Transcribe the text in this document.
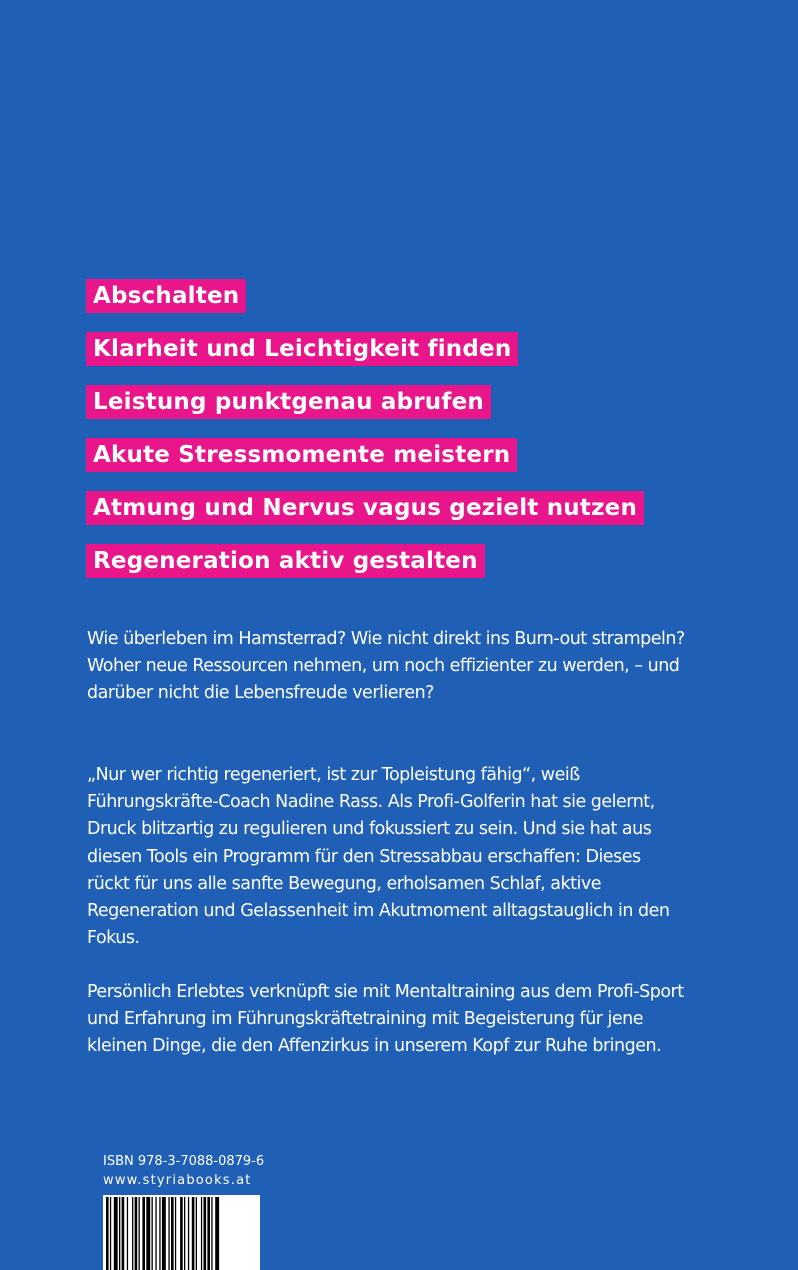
Abschalten
Klarheit und Leichtigkeit finden
Leistung punktgenau abrufen
Akute Stressmomente meistern
Atmung und Nervus vagus gezielt nutzen
Regeneration aktiv gestalten

Wie überleben im Hamsterrad? Wie nicht direkt ins Burn-out strampeln? Woher neue Ressourcen nehmen, um noch effizienter zu werden, – und darüber nicht die Lebensfreude verlieren?

„Nur wer richtig regeneriert, ist zur Topleistung fähig“, weiß Führungskräfte-Coach Nadine Rass. Als Profi-Golferin hat sie gelernt, Druck blitzartig zu regulieren und fokussiert zu sein. Und sie hat aus diesen Tools ein Programm für den Stressabbau erschaffen: Dieses rückt für uns alle sanfte Bewegung, erholsamen Schlaf, aktive Regeneration und Gelassenheit im Akutmoment alltagstauglich in den Fokus.

Persönlich Erlebtes verknüpft sie mit Mentaltraining aus dem Profi-Sport und Erfahrung im Führungskräftetraining mit Begeisterung für jene kleinen Dinge, die den Affenzirkus in unserem Kopf zur Ruhe bringen.

ISBN 978-3-7088-0879-6
www.styriabooks.at
